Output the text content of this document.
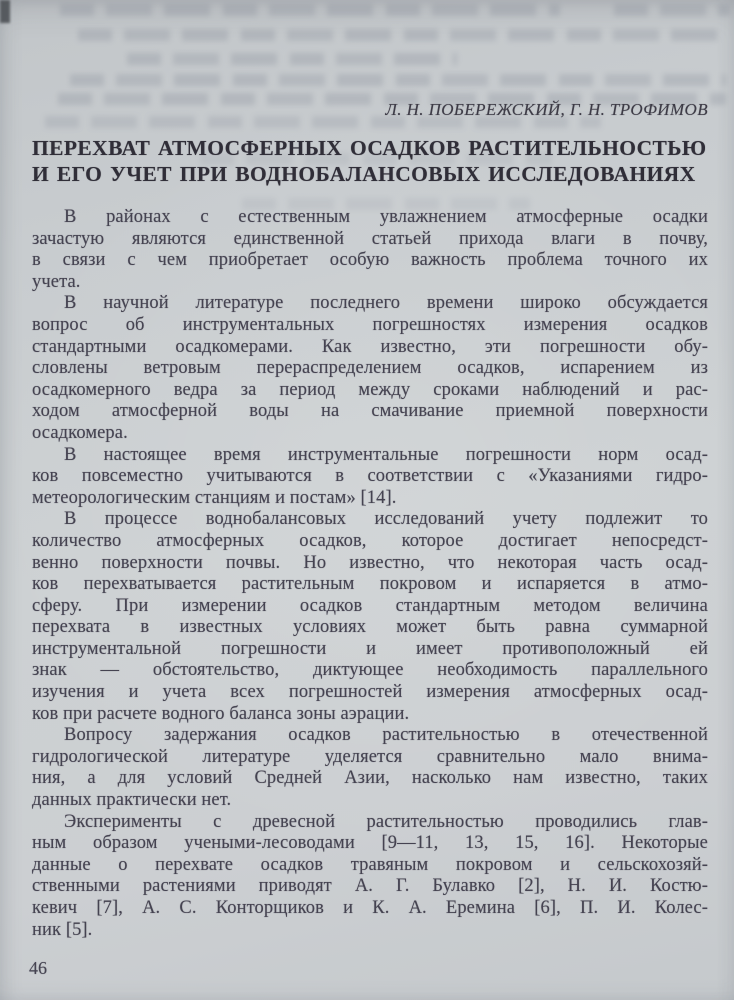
Л. Н. ПОБЕРЕЖСКИЙ, Г. Н. ТРОФИМОВ
ПЕРЕХВАТ АТМОСФЕРНЫХ ОСАДКОВ РАСТИТЕЛЬНОСТЬЮ
И ЕГО УЧЕТ ПРИ ВОДНОБАЛАНСОВЫХ ИССЛЕДОВАНИЯХ
В районах с естественным увлажнением атмосферные осадки
зачастую являются единственной статьей прихода влаги в почву,
в связи с чем приобретает особую важность проблема точного их
учета.
В научной литературе последнего времени широко обсуждается
вопрос об инструментальных погрешностях измерения осадков
стандартными осадкомерами. Как известно, эти погрешности обу-
словлены ветровым перераспределением осадков, испарением из
осадкомерного ведра за период между сроками наблюдений и рас-
ходом атмосферной воды на смачивание приемной поверхности
осадкомера.
В настоящее время инструментальные погрешности норм осад-
ков повсеместно учитываются в соответствии с «Указаниями гидро-
метеорологическим станциям и постам» [14].
В процессе воднобалансовых исследований учету подлежит то
количество атмосферных осадков, которое достигает непосредст-
венно поверхности почвы. Но известно, что некоторая часть осад-
ков перехватывается растительным покровом и испаряется в атмо-
сферу. При измерении осадков стандартным методом величина
перехвата в известных условиях может быть равна суммарной
инструментальной погрешности и имеет противоположный ей
знак — обстоятельство, диктующее необходимость параллельного
изучения и учета всех погрешностей измерения атмосферных осад-
ков при расчете водного баланса зоны аэрации.
Вопросу задержания осадков растительностью в отечественной
гидрологической литературе уделяется сравнительно мало внима-
ния, а для условий Средней Азии, насколько нам известно, таких
данных практически нет.
Эксперименты с древесной растительностью проводились глав-
ным образом учеными-лесоводами [9—11, 13, 15, 16]. Некоторые
данные о перехвате осадков травяным покровом и сельскохозяй-
ственными растениями приводят А. Г. Булавко [2], Н. И. Костю-
кевич [7], А. С. Конторщиков и К. А. Еремина [6], П. И. Колес-
ник [5].
46
